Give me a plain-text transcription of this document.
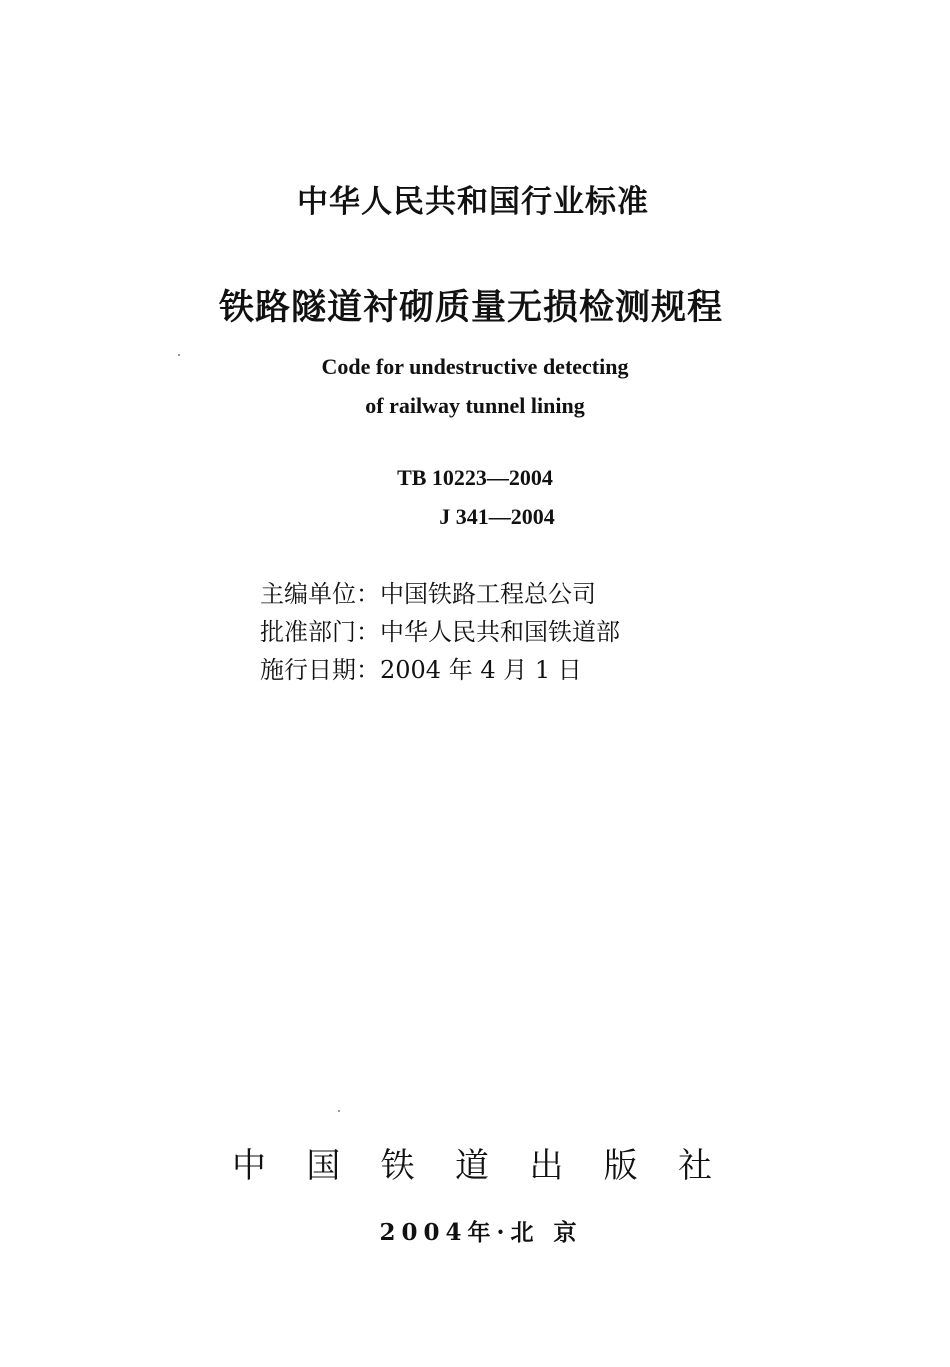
中华人民共和国行业标准
铁路隧道衬砌质量无损检测规程
Code for undestructive detecting
of railway tunnel lining
TB 10223—2004
J 341—2004
主编单位：中国铁路工程总公司
批准部门：中华人民共和国铁道部
施行日期：2004 年 4 月 1 日
中 国 铁 道 出 版 社
2004年·北 京
